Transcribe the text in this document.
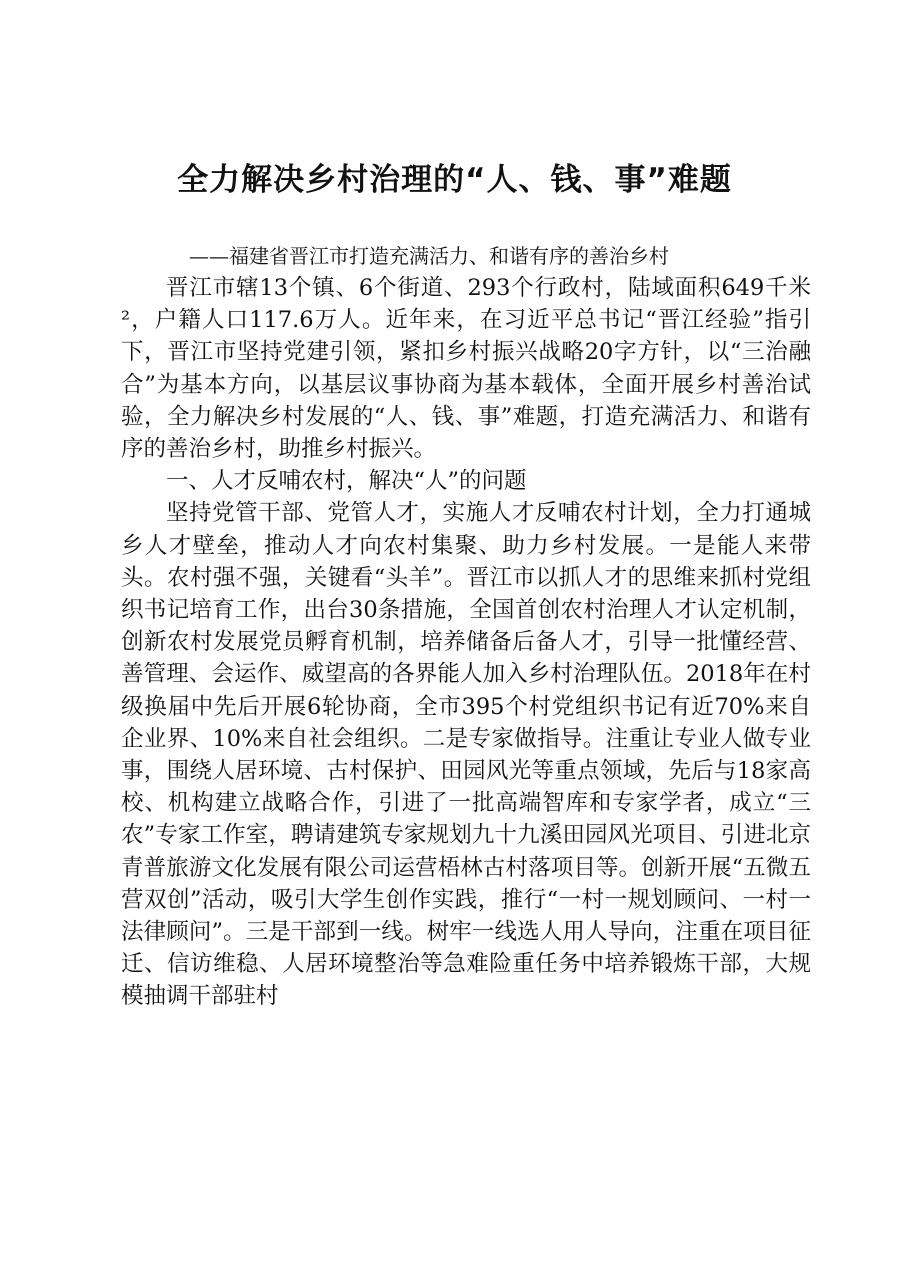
全力解决乡村治理的“人、钱、事”难题

——福建省晋江市打造充满活力、和谐有序的善治乡村

晋江市辖13个镇、6个街道、293个行政村，陆域面积649千米²，户籍人口117.6万人。近年来，在习近平总书记“晋江经验”指引下，晋江市坚持党建引领，紧扣乡村振兴战略20字方针，以“三治融合”为基本方向，以基层议事协商为基本载体，全面开展乡村善治试验，全力解决乡村发展的“人、钱、事”难题，打造充满活力、和谐有序的善治乡村，助推乡村振兴。

一、人才反哺农村，解决“人”的问题

坚持党管干部、党管人才，实施人才反哺农村计划，全力打通城乡人才壁垒，推动人才向农村集聚、助力乡村发展。一是能人来带头。农村强不强，关键看“头羊”。晋江市以抓人才的思维来抓村党组织书记培育工作，出台30条措施，全国首创农村治理人才认定机制，创新农村发展党员孵育机制，培养储备后备人才，引导一批懂经营、善管理、会运作、威望高的各界能人加入乡村治理队伍。2018年在村级换届中先后开展6轮协商，全市395个村党组织书记有近70%来自企业界、10%来自社会组织。二是专家做指导。注重让专业人做专业事，围绕人居环境、古村保护、田园风光等重点领域，先后与18家高校、机构建立战略合作，引进了一批高端智库和专家学者，成立“三农”专家工作室，聘请建筑专家规划九十九溪田园风光项目、引进北京青普旅游文化发展有限公司运营梧林古村落项目等。创新开展“五微五营双创”活动，吸引大学生创作实践，推行“一村一规划顾问、一村一法律顾问”。三是干部到一线。树牢一线选人用人导向，注重在项目征迁、信访维稳、人居环境整治等急难险重任务中培养锻炼干部，大规模抽调干部驻村
